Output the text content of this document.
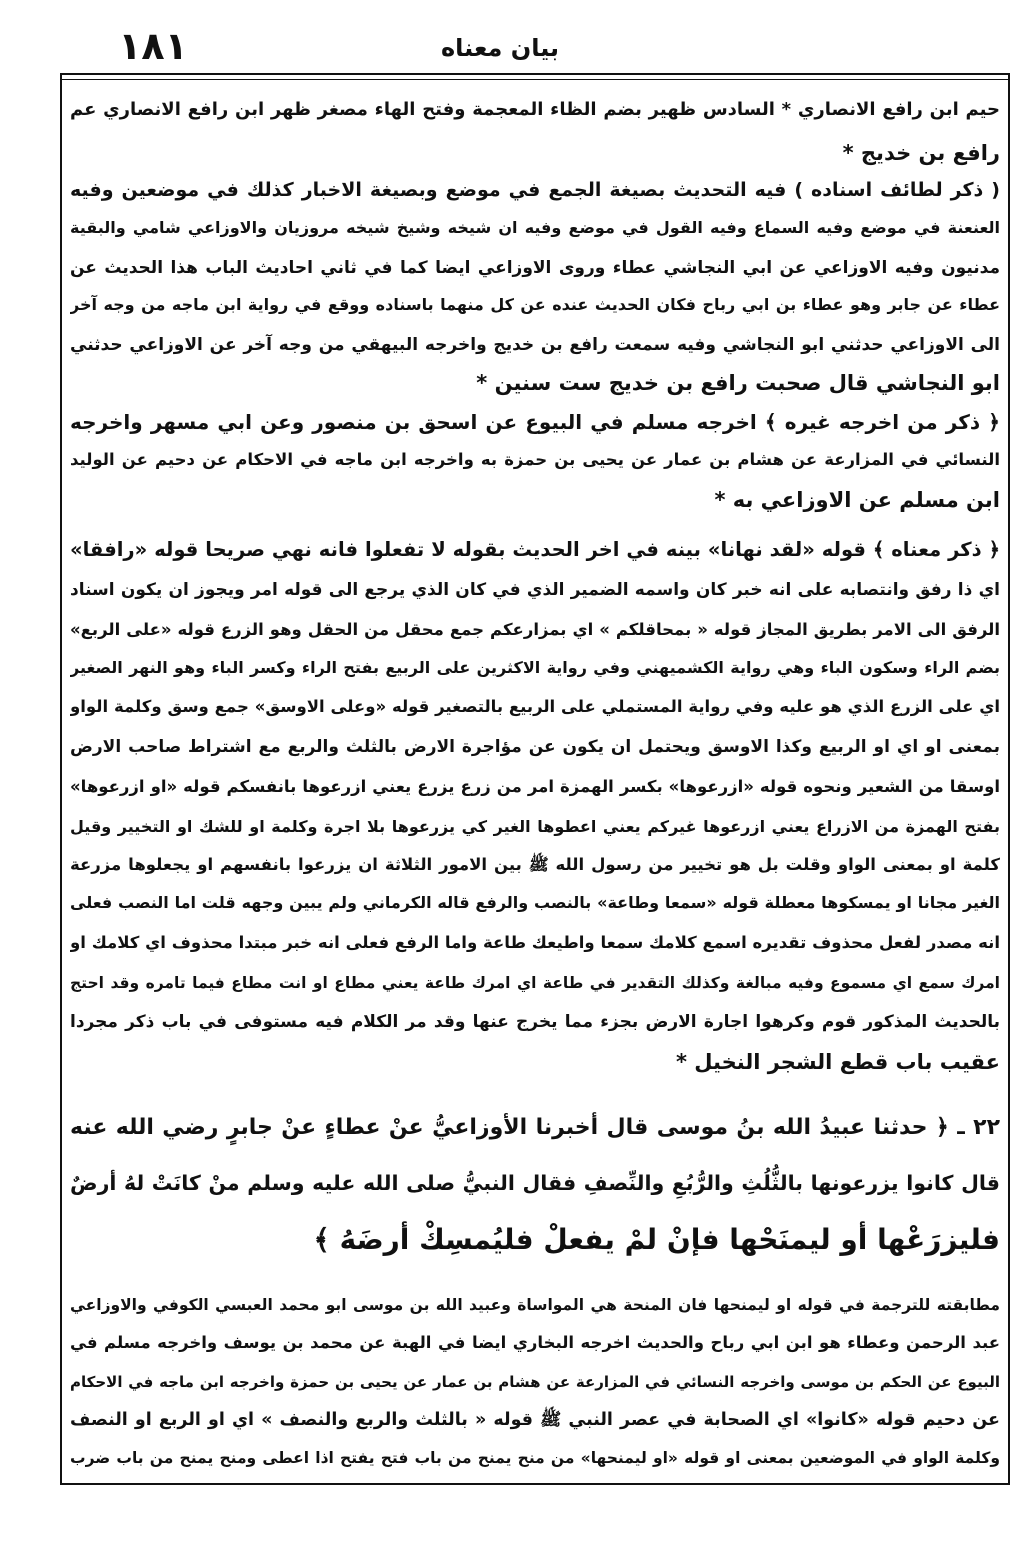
١٨١	بيان معناه
حيم ابن رافع الانصاري * السادس ظهير بضم الظاء المعجمة وفتح الهاء مصغر ظهر ابن رافع الانصاري عم
رافع بن خديج *
( ذكر لطائف اسناده ) فيه التحديث بصيغة الجمع في موضع وبصيغة الاخبار كذلك في موضعين وفيه
العنعنة في موضع وفيه السماع وفيه القول في موضع وفيه ان شيخه وشيخ شيخه مروزيان والاوزاعي شامي والبقية
مدنيون وفيه الاوزاعي عن ابي النجاشي عطاء وروى الاوزاعي ايضا كما في ثاني احاديث الباب هذا الحديث عن
عطاء عن جابر وهو عطاء بن ابي رباح فكان الحديث عنده عن كل منهما باسناده ووقع في رواية ابن ماجه من وجه آخر
الى الاوزاعي حدثني ابو النجاشي وفيه سمعت رافع بن خديج واخرجه البيهقي من وجه آخر عن الاوزاعي حدثني
ابو النجاشي قال صحبت رافع بن خديج ست سنين *
﴿ ذكر من اخرجه غيره ﴾ اخرجه مسلم في البيوع عن اسحق بن منصور وعن ابي مسهر واخرجه
النسائي في المزارعة عن هشام بن عمار عن يحيى بن حمزة به واخرجه ابن ماجه في الاحكام عن دحيم عن الوليد
ابن مسلم عن الاوزاعي به *
﴿ ذكر معناه ﴾ قوله «لقد نهانا» بينه في اخر الحديث بقوله لا تفعلوا فانه نهي صريحا قوله «رافقا»
اي ذا رفق وانتصابه على انه خبر كان واسمه الضمير الذي في كان الذي يرجع الى قوله امر ويجوز ان يكون اسناد
الرفق الى الامر بطريق المجاز قوله « بمحاقلكم » اي بمزارعكم جمع محقل من الحقل وهو الزرع قوله «على الربع»
بضم الراء وسكون الباء وهي رواية الكشميهني وفي رواية الاكثرين على الربيع بفتح الراء وكسر الباء وهو النهر الصغير
اي على الزرع الذي هو عليه وفي رواية المستملي على الربيع بالتصغير قوله «وعلى الاوسق» جمع وسق وكلمة الواو
بمعنى او اي او الربيع وكذا الاوسق ويحتمل ان يكون عن مؤاجرة الارض بالثلث والربع مع اشتراط صاحب الارض
اوسقا من الشعير ونحوه قوله «ازرعوها» بكسر الهمزة امر من زرع يزرع يعني ازرعوها بانفسكم قوله «او ازرعوها»
بفتح الهمزة من الازراع يعني ازرعوها غيركم يعني اعطوها الغير كي يزرعوها بلا اجرة وكلمة او للشك او التخيير وقيل
كلمة او بمعنى الواو وقلت بل هو تخيير من رسول الله ﷺ بين الامور الثلاثة ان يزرعوا بانفسهم او يجعلوها مزرعة
الغير مجانا او يمسكوها معطلة قوله «سمعا وطاعة» بالنصب والرفع قاله الكرماني ولم يبين وجهه قلت اما النصب فعلى
انه مصدر لفعل محذوف تقديره اسمع كلامك سمعا واطيعك طاعة واما الرفع فعلى انه خبر مبتدا محذوف اي كلامك او
امرك سمع اي مسموع وفيه مبالغة وكذلك التقدير في طاعة اي امرك طاعة يعني مطاع او انت مطاع فيما تامره وقد احتج
بالحديث المذكور قوم وكرهوا اجارة الارض بجزء مما يخرج عنها وقد مر الكلام فيه مستوفى في باب ذكر مجردا
عقيب باب قطع الشجر النخيل *
٢٢ ـ ﴿ حدثنا عبيدُ الله بنُ موسى قال أخبرنا الأوزاعيُّ عنْ عطاءٍ عنْ جابرٍ رضي الله عنه
قال كانوا يزرعونها بالثُّلُثِ والرُّبُعِ والنِّصفِ فقال النبيُّ صلى الله عليه وسلم منْ كانَتْ لهُ أرضٌ
فليزرَعْها أو ليمنَحْها فإنْ لمْ يفعلْ فليُمسِكْ أرضَهُ ﴾
مطابقته للترجمة في قوله او ليمنحها فان المنحة هي المواساة وعبيد الله بن موسى ابو محمد العبسي الكوفي والاوزاعي
عبد الرحمن وعطاء هو ابن ابي رباح والحديث اخرجه البخاري ايضا في الهبة عن محمد بن يوسف واخرجه مسلم في
البيوع عن الحكم بن موسى واخرجه النسائي في المزارعة عن هشام بن عمار عن يحيى بن حمزة واخرجه ابن ماجه في الاحكام
عن دحيم قوله «كانوا» اي الصحابة في عصر النبي ﷺ قوله « بالثلث والربع والنصف » اي او الربع او النصف
وكلمة الواو في الموضعين بمعنى او قوله «او ليمنحها» من منح يمنح من باب فتح يفتح اذا اعطى ومنح يمنح من باب ضرب
